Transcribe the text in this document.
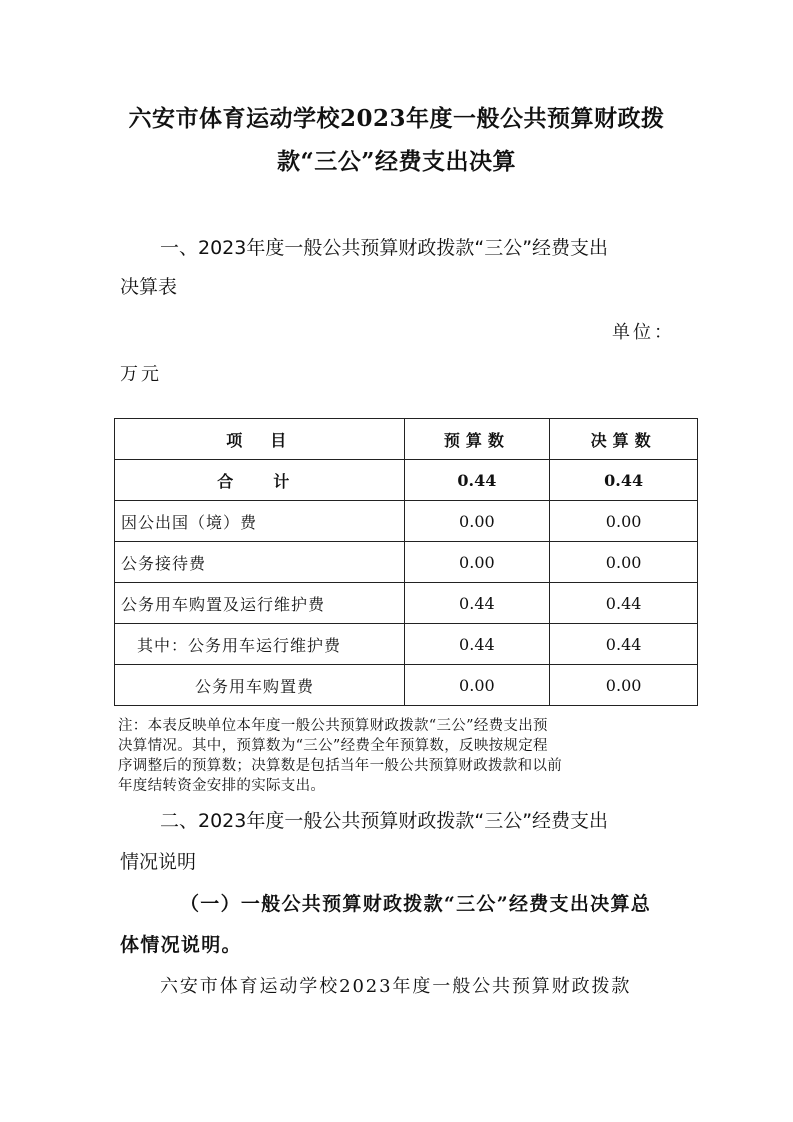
六安市体育运动学校2023年度一般公共预算财政拨
款“三公”经费支出决算
一、2023年度一般公共预算财政拨款“三公”经费支出
决算表
单位：
万元
项　目	预算数	决算数
合　计	0.44	0.44
因公出国（境）费	0.00	0.00
公务接待费	0.00	0.00
公务用车购置及运行维护费	0.44	0.44
其中：公务用车运行维护费	0.44	0.44
公务用车购置费	0.00	0.00
注：本表反映单位本年度一般公共预算财政拨款“三公”经费支出预
决算情况。其中，预算数为“三公”经费全年预算数，反映按规定程
序调整后的预算数；决算数是包括当年一般公共预算财政拨款和以前
年度结转资金安排的实际支出。
二、2023年度一般公共预算财政拨款“三公”经费支出
情况说明
（一）一般公共预算财政拨款“三公”经费支出决算总
体情况说明。
六安市体育运动学校2023年度一般公共预算财政拨款
